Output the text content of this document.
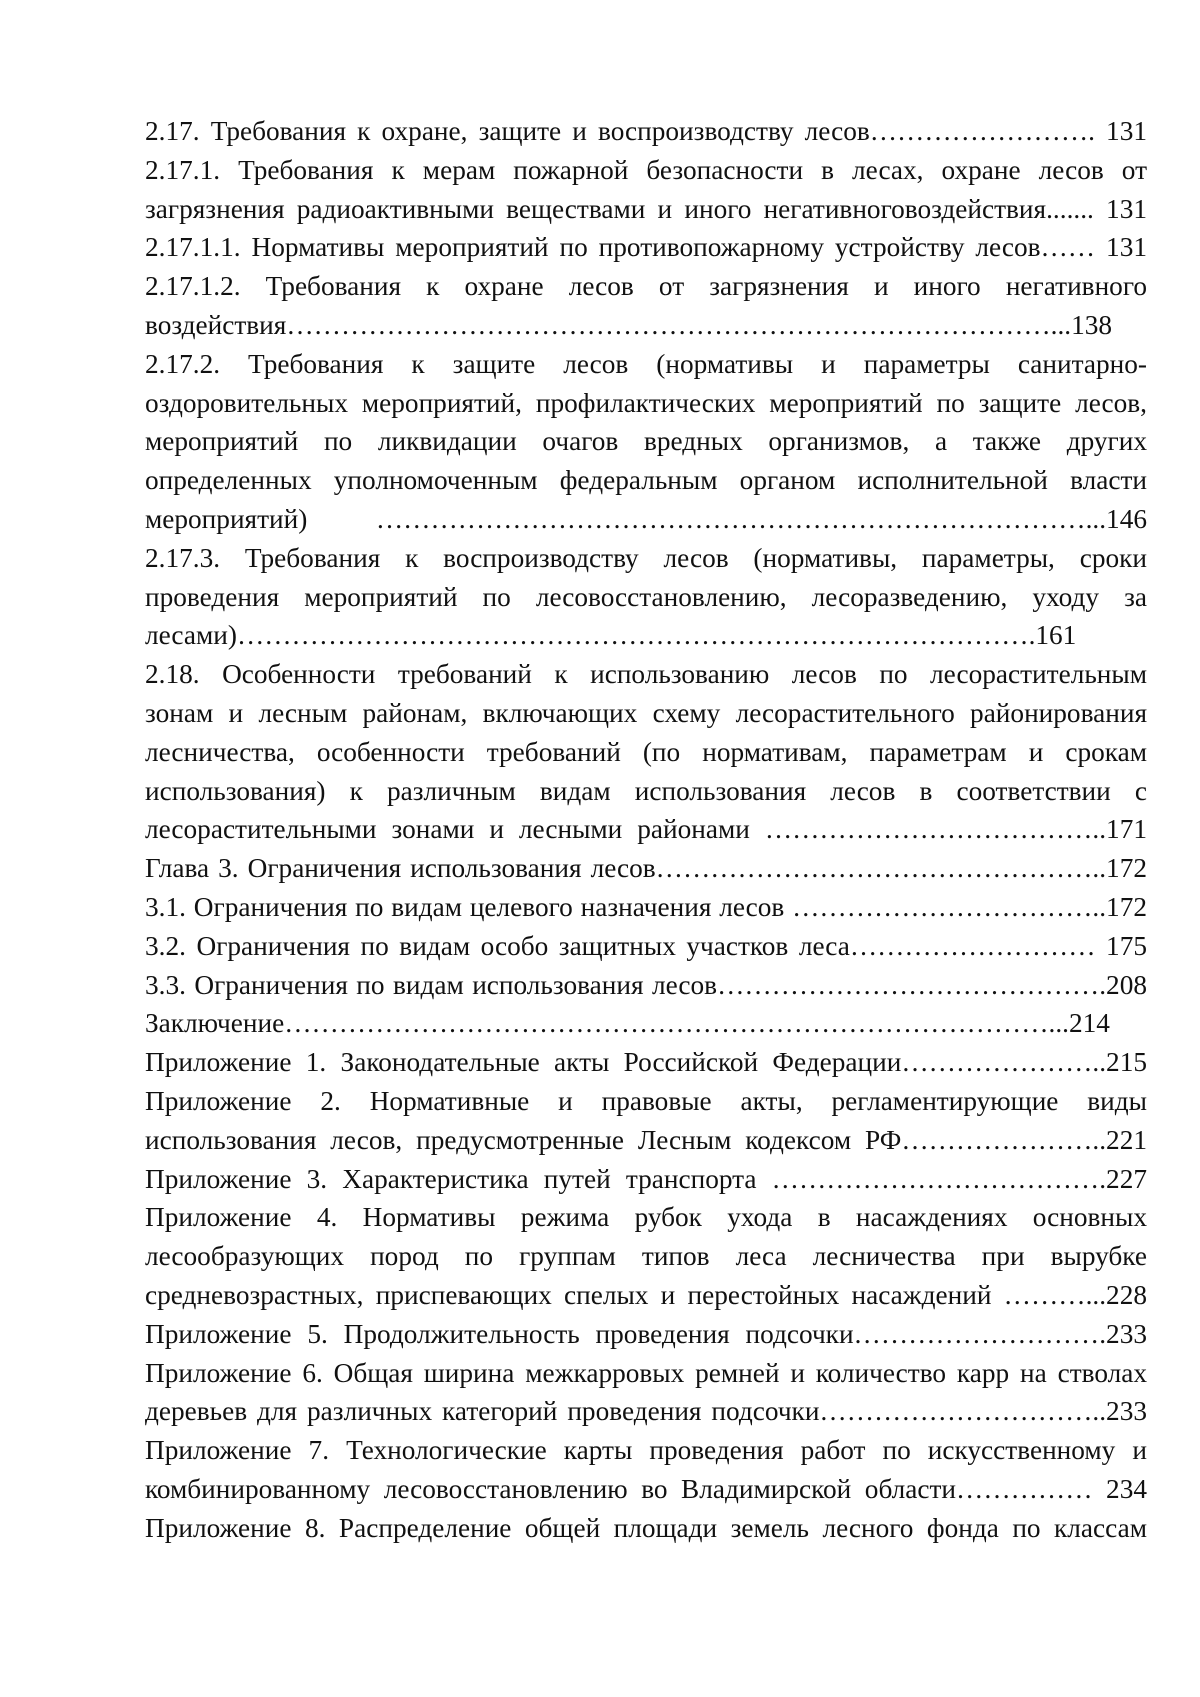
2.17. Требования к охране, защите и воспроизводству лесов……………………. 131
2.17.1. Требования к мерам пожарной безопасности в лесах, охране лесов от
загрязнения радиоактивными веществами и иного негативноговоздействия....... 131
2.17.1.1. Нормативы мероприятий по противопожарному устройству лесов…… 131
2.17.1.2. Требования к охране лесов от загрязнения и иного негативного
воздействия…………………………………………………………………………...138
2.17.2. Требования к защите лесов (нормативы и параметры санитарно-
оздоровительных мероприятий, профилактических мероприятий по защите лесов,
мероприятий по ликвидации очагов вредных организмов, а также других
определенных уполномоченным федеральным органом исполнительной власти
мероприятий) ……………………………………………………………………...146
2.17.3. Требования к воспроизводству лесов (нормативы, параметры, сроки
проведения мероприятий по лесовосстановлению, лесоразведению, уходу за
лесами)…………………………………………………………………………….161
2.18. Особенности требований к использованию лесов по лесорастительным
зонам и лесным районам, включающих схему лесорастительного районирования
лесничества, особенности требований (по нормативам, параметрам и срокам
использования) к различным видам использования лесов в соответствии с
лесорастительными зонами и лесными районами ………………………………..171
Глава 3. Ограничения использования лесов…………………………………………..172
3.1. Ограничения по видам целевого назначения лесов ……………………………..172
3.2. Ограничения по видам особо защитных участков леса……………………… 175
3.3. Ограничения по видам использования лесов…………………………………….208
Заключение…………………………………………………………………………...214
Приложение 1. Законодательные акты Российской Федерации…………………..215
Приложение 2. Нормативные и правовые акты, регламентирующие виды
использования лесов, предусмотренные Лесным кодексом РФ…………………..221
Приложение 3. Характеристика путей транспорта ……………………………….227
Приложение 4. Нормативы режима рубок ухода в насаждениях основных
лесообразующих пород по группам типов леса лесничества при вырубке
средневозрастных, приспевающих спелых и перестойных насаждений ………...228
Приложение 5. Продолжительность проведения подсочки……………………….233
Приложение 6. Общая ширина межкарровых ремней и количество карр на стволах
деревьев для различных категорий проведения подсочки…………………………..233
Приложение 7. Технологические карты проведения работ по искусственному и
комбинированному лесовосстановлению во Владимирской области…………… 234
Приложение 8. Распределение общей площади земель лесного фонда по классам
